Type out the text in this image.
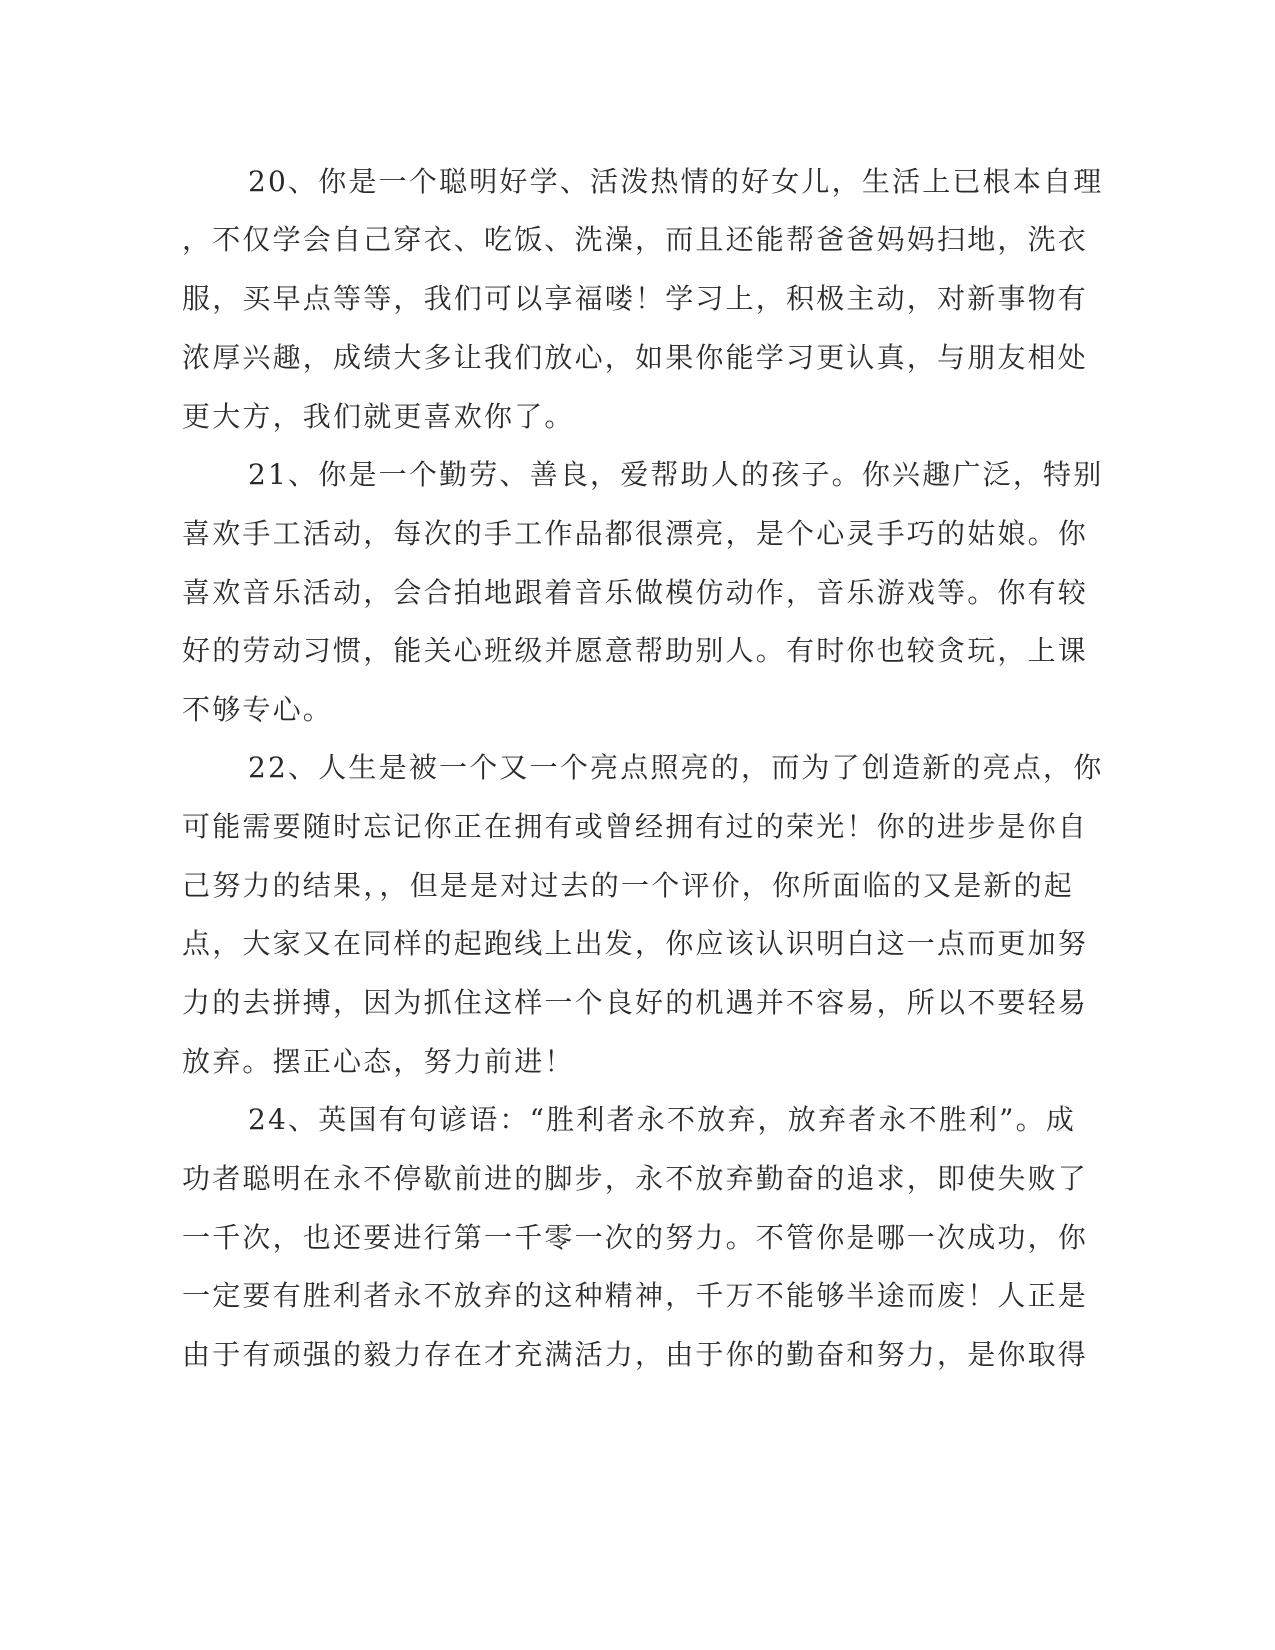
20、你是一个聪明好学、活泼热情的好女儿，生活上已根本自理
，不仅学会自己穿衣、吃饭、洗澡，而且还能帮爸爸妈妈扫地，洗衣
服，买早点等等，我们可以享福喽！学习上，积极主动，对新事物有
浓厚兴趣，成绩大多让我们放心，如果你能学习更认真，与朋友相处
更大方，我们就更喜欢你了。
21、你是一个勤劳、善良，爱帮助人的孩子。你兴趣广泛，特别
喜欢手工活动，每次的手工作品都很漂亮，是个心灵手巧的姑娘。你
喜欢音乐活动，会合拍地跟着音乐做模仿动作，音乐游戏等。你有较
好的劳动习惯，能关心班级并愿意帮助别人。有时你也较贪玩，上课
不够专心。
22、人生是被一个又一个亮点照亮的，而为了创造新的亮点，你
可能需要随时忘记你正在拥有或曾经拥有过的荣光！你的进步是你自
己努力的结果，，但是是对过去的一个评价，你所面临的又是新的起
点，大家又在同样的起跑线上出发，你应该认识明白这一点而更加努
力的去拼搏，因为抓住这样一个良好的机遇并不容易，所以不要轻易
放弃。摆正心态，努力前进！
24、英国有句谚语：“胜利者永不放弃，放弃者永不胜利”。成
功者聪明在永不停歇前进的脚步，永不放弃勤奋的追求，即使失败了
一千次，也还要进行第一千零一次的努力。不管你是哪一次成功，你
一定要有胜利者永不放弃的这种精神，千万不能够半途而废！人正是
由于有顽强的毅力存在才充满活力，由于你的勤奋和努力，是你取得
